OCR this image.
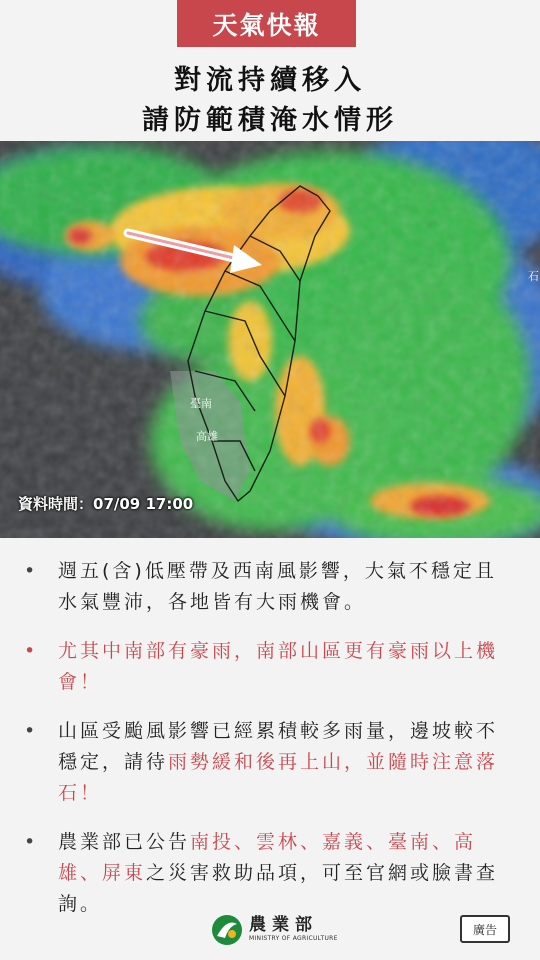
天氣快報
對流持續移入
請防範積淹水情形
臺南
高雄
石
資料時間：07/09 17:00
• 週五(含)低壓帶及西南風影響，大氣不穩定且水氣豐沛，各地皆有大雨機會。
• 尤其中南部有豪雨，南部山區更有豪雨以上機會！
• 山區受颱風影響已經累積較多雨量，邊坡較不穩定，請待雨勢緩和後再上山，並隨時注意落石！
• 農業部已公告南投、雲林、嘉義、臺南、高雄、屏東之災害救助品項，可至官網或臉書查詢。
農業部
MINISTRY OF AGRICULTURE
廣告
